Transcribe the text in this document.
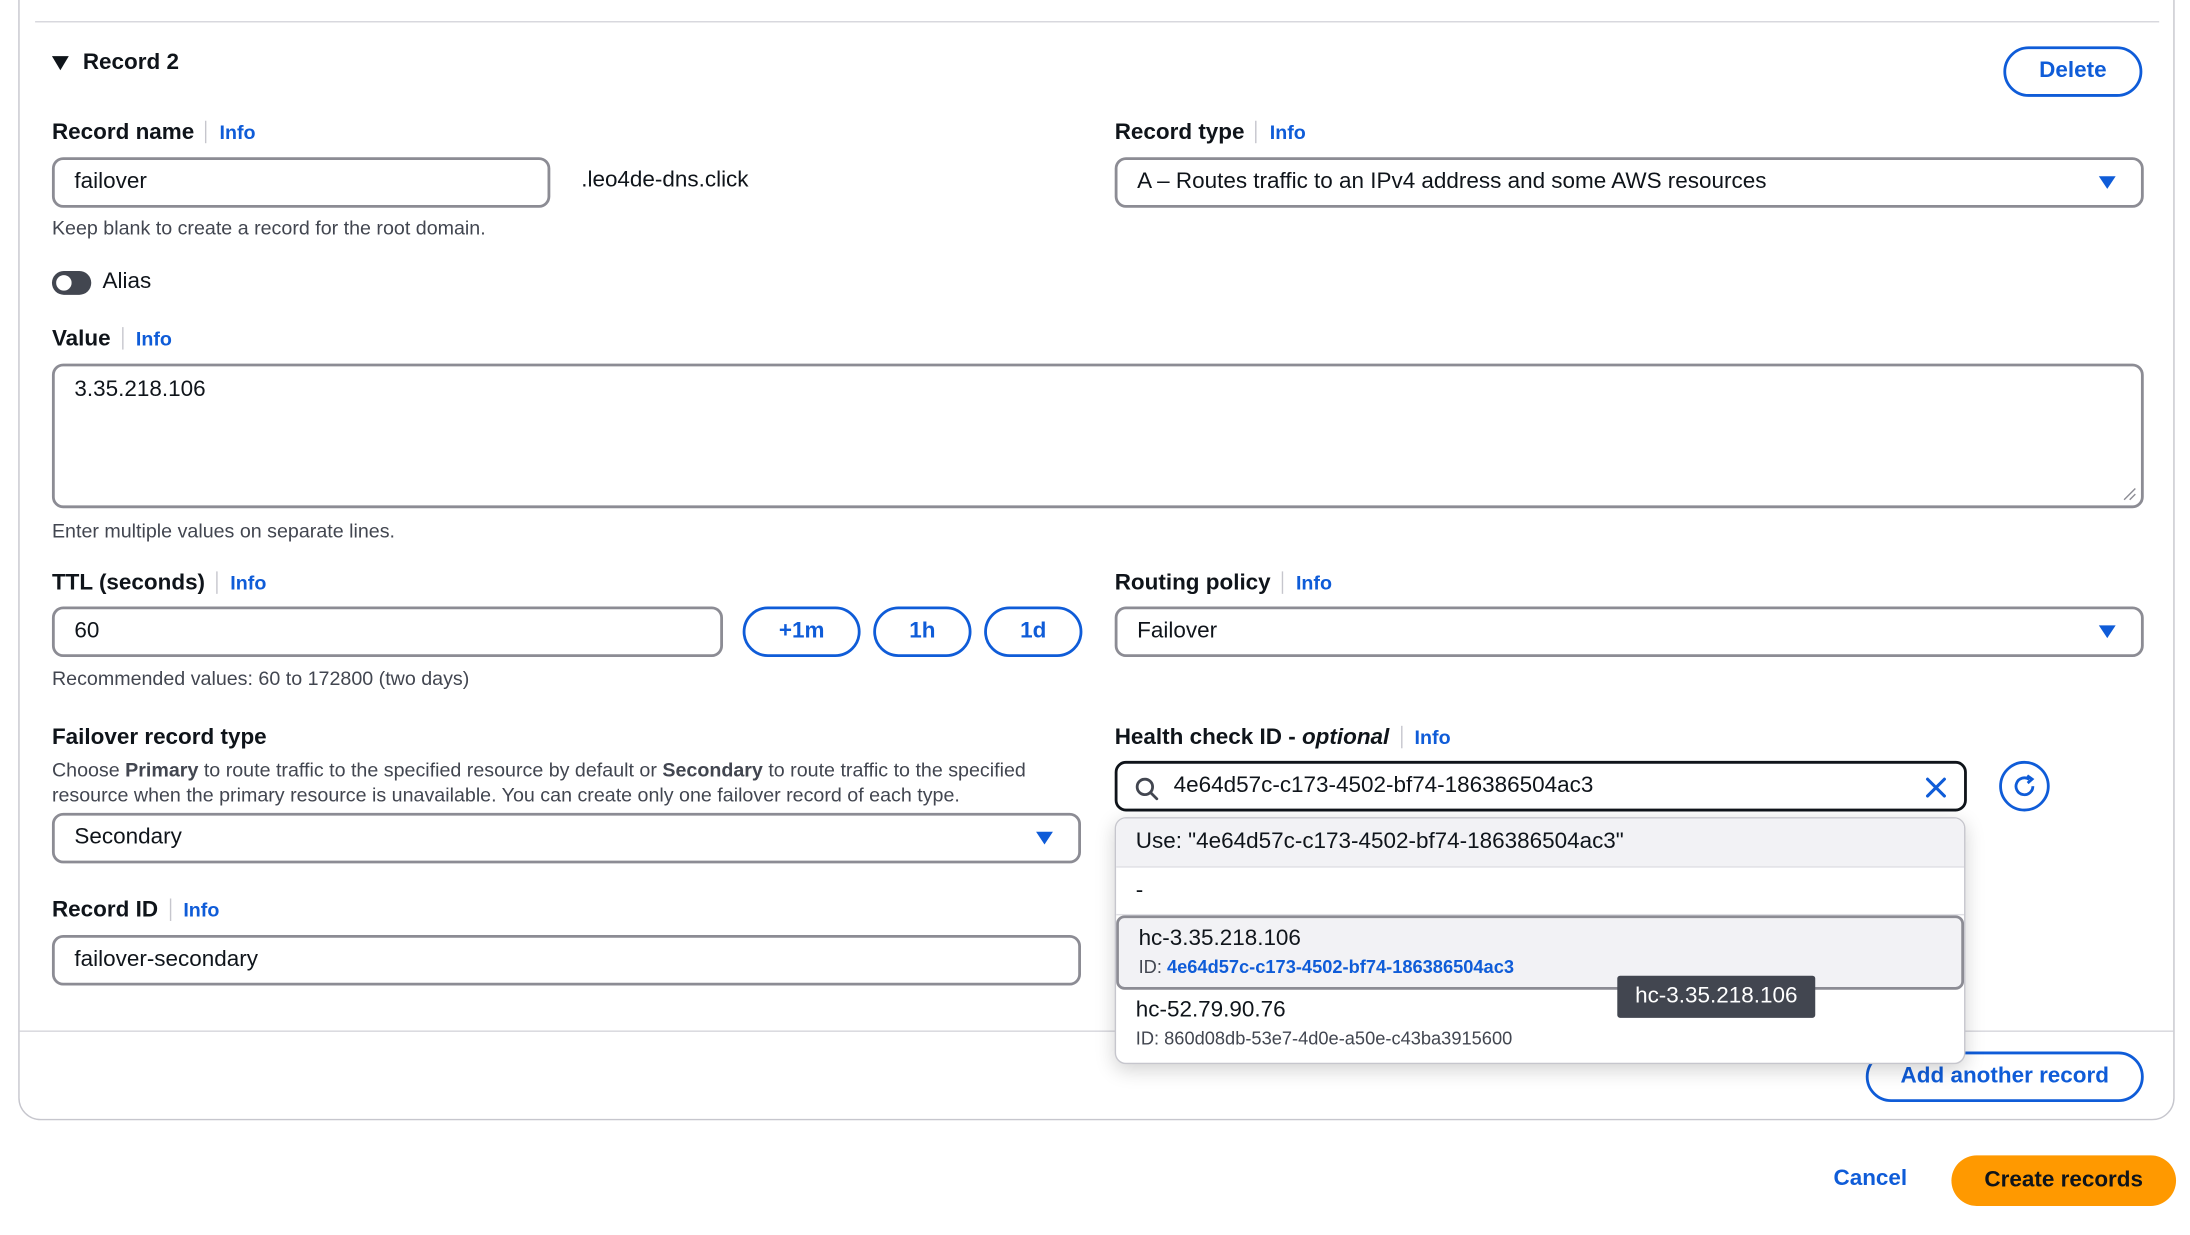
Record 2	Delete
Record name Info
failover	.leo4de-dns.click
Keep blank to create a record for the root domain.
Record type Info
A – Routes traffic to an IPv4 address and some AWS resources
Alias
Value Info
3.35.218.106
Enter multiple values on separate lines.
TTL (seconds) Info
60	+1m	1h	1d
Recommended values: 60 to 172800 (two days)
Routing policy Info
Failover
Failover record type
Choose Primary to route traffic to the specified resource by default or Secondary to route traffic to the specified resource when the primary resource is unavailable. You can create only one failover record of each type.
Secondary
Record ID Info
failover-secondary
Health check ID - optional Info
4e64d57c-c173-4502-bf74-186386504ac3
Add another record
Cancel	Create records
Use: "4e64d57c-c173-4502-bf74-186386504ac3"
-
hc-3.35.218.106
ID: 4e64d57c-c173-4502-bf74-186386504ac3
hc-52.79.90.76
ID: 860d08db-53e7-4d0e-a50e-c43ba3915600
hc-3.35.218.106
